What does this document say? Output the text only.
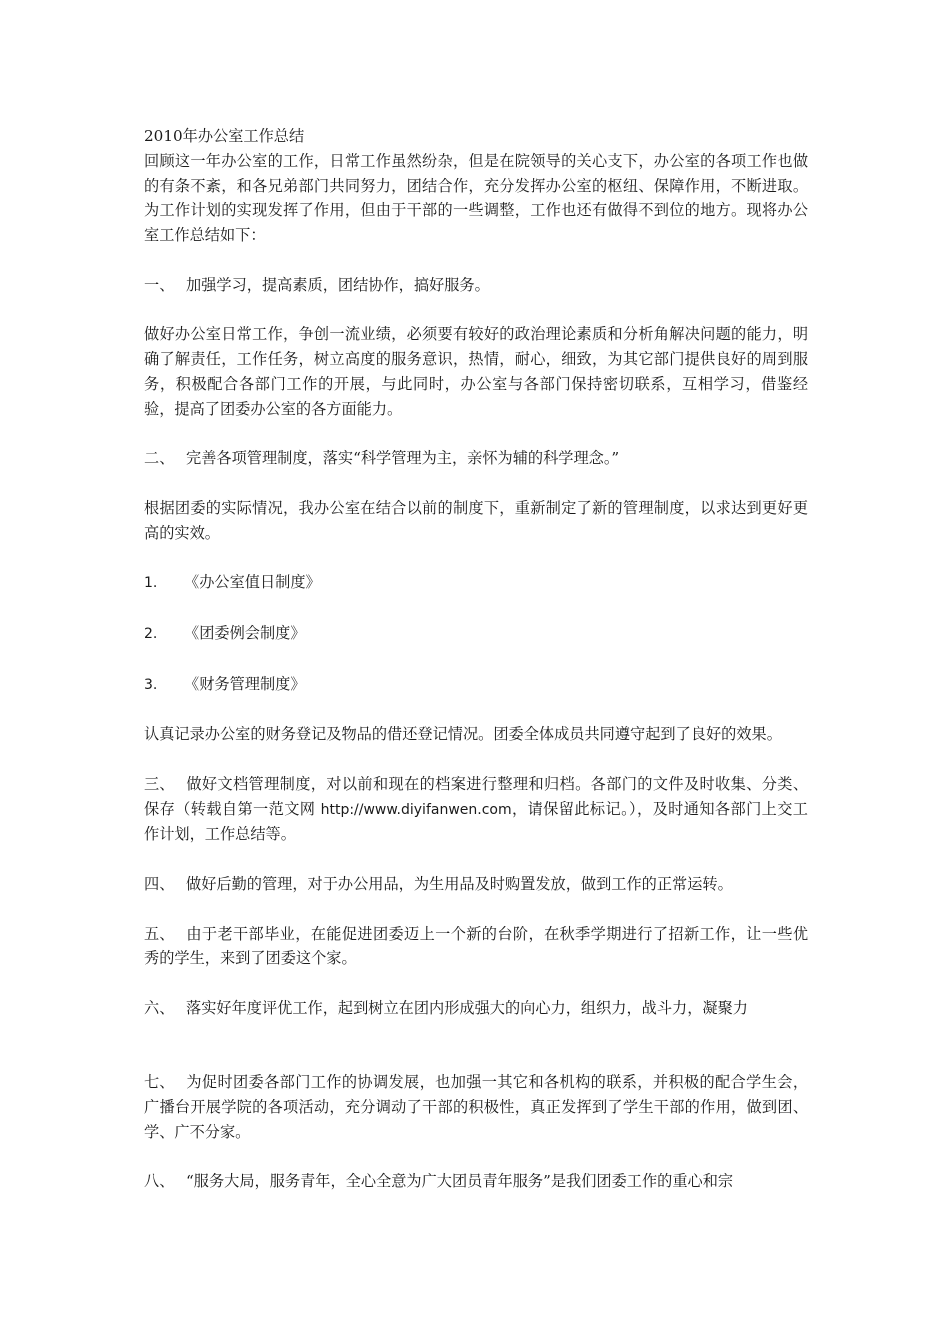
2010年办公室工作总结

回顾这一年办公室的工作，日常工作虽然纷杂，但是在院领导的关心支下，办公室的各项工作也做的有条不紊，和各兄弟部门共同努力，团结合作，充分发挥办公室的枢纽、保障作用，不断进取。为工作计划的实现发挥了作用，但由于干部的一些调整，工作也还有做得不到位的地方。现将办公室工作总结如下：

一、 加强学习，提高素质，团结协作，搞好服务。

做好办公室日常工作，争创一流业绩，必须要有较好的政治理论素质和分析角解决问题的能力，明确了解责任，工作任务，树立高度的服务意识，热情，耐心，细致，为其它部门提供良好的周到服务，积极配合各部门工作的开展，与此同时，办公室与各部门保持密切联系，互相学习，借鉴经验，提高了团委办公室的各方面能力。

二、 完善各项管理制度，落实“科学管理为主，亲怀为辅的科学理念。”

根据团委的实际情况，我办公室在结合以前的制度下，重新制定了新的管理制度，以求达到更好更高的实效。

1. 《办公室值日制度》

2. 《团委例会制度》

3. 《财务管理制度》

认真记录办公室的财务登记及物品的借还登记情况。团委全体成员共同遵守起到了良好的效果。

三、 做好文档管理制度，对以前和现在的档案进行整理和归档。各部门的文件及时收集、分类、保存（转载自第一范文网 http://www.diyifanwen.com，请保留此标记。），及时通知各部门上交工作计划，工作总结等。

四、 做好后勤的管理，对于办公用品，为生用品及时购置发放，做到工作的正常运转。

五、 由于老干部毕业，在能促进团委迈上一个新的台阶，在秋季学期进行了招新工作，让一些优秀的学生，来到了团委这个家。

六、 落实好年度评优工作，起到树立在团内形成强大的向心力，组织力，战斗力，凝聚力

七、 为促时团委各部门工作的协调发展，也加强一其它和各机构的联系，并积极的配合学生会，广播台开展学院的各项活动，充分调动了干部的积极性，真正发挥到了学生干部的作用，做到团、学、广不分家。

八、 “服务大局，服务青年，全心全意为广大团员青年服务”是我们团委工作的重心和宗
